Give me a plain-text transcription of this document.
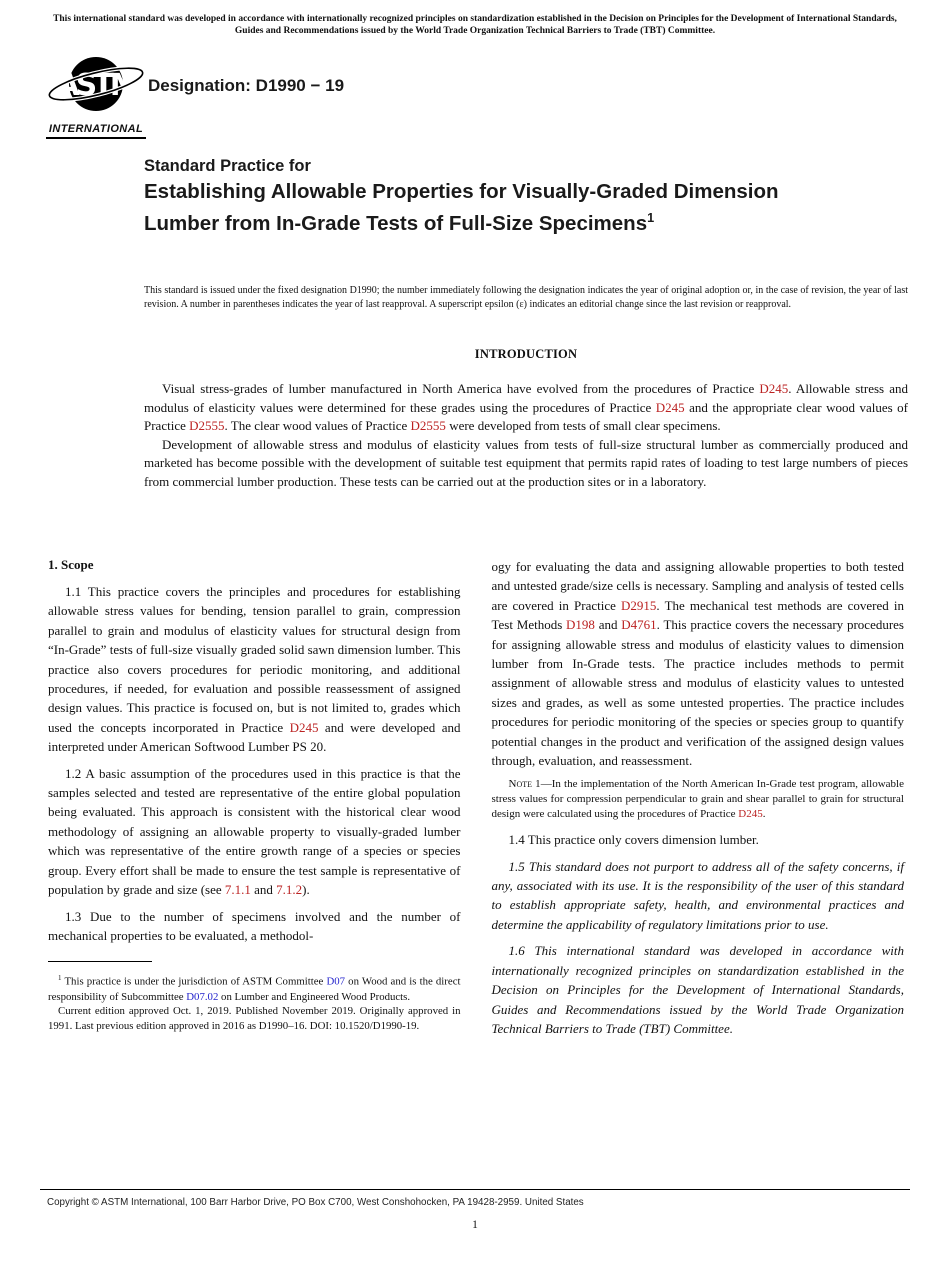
This international standard was developed in accordance with internationally recognized principles on standardization established in the Decision on Principles for the Development of International Standards, Guides and Recommendations issued by the World Trade Organization Technical Barriers to Trade (TBT) Committee.
ASTM
INTERNATIONAL
Designation: D1990 − 19
Standard Practice for
Establishing Allowable Properties for Visually-Graded Dimension Lumber from In-Grade Tests of Full-Size Specimens$^1$
This standard is issued under the fixed designation D1990; the number immediately following the designation indicates the year of original adoption or, in the case of revision, the year of last revision. A number in parentheses indicates the year of last reapproval. A superscript epsilon (ε) indicates an editorial change since the last revision or reapproval.
INTRODUCTION

Visual stress-grades of lumber manufactured in North America have evolved from the procedures of Practice D245. Allowable stress and modulus of elasticity values were determined for these grades using the procedures of Practice D245 and the appropriate clear wood values of Practice D2555. The clear wood values of Practice D2555 were developed from tests of small clear specimens.

Development of allowable stress and modulus of elasticity values from tests of full-size structural lumber as commercially produced and marketed has become possible with the development of suitable test equipment that permits rapid rates of loading to test large numbers of pieces from commercial lumber production. These tests can be carried out at the production sites or in a laboratory.

1. Scope

1.1 This practice covers the principles and procedures for establishing allowable stress values for bending, tension parallel to grain, compression parallel to grain and modulus of elasticity values for structural design from “In-Grade” tests of full-size visually graded solid sawn dimension lumber. This practice also covers procedures for periodic monitoring, and additional procedures, if needed, for evaluation and possible reassessment of assigned design values. This practice is focused on, but is not limited to, grades which used the concepts incorporated in Practice D245 and were developed and interpreted under American Softwood Lumber PS 20.

1.2 A basic assumption of the procedures used in this practice is that the samples selected and tested are representative of the entire global population being evaluated. This approach is consistent with the historical clear wood methodology of assigning an allowable property to visually-graded lumber which was representative of the entire growth range of a species or species group. Every effort shall be made to ensure the test sample is representative of population by grade and size (see 7.1.1 and 7.1.2).

1.3 Due to the number of specimens involved and the number of mechanical properties to be evaluated, a methodol-

$^1$ This practice is under the jurisdiction of ASTM Committee D07 on Wood and is the direct responsibility of Subcommittee D07.02 on Lumber and Engineered Wood Products.

Current edition approved Oct. 1, 2019. Published November 2019. Originally approved in 1991. Last previous edition approved in 2016 as D1990–16. DOI: 10.1520/D1990-19.

ogy for evaluating the data and assigning allowable properties to both tested and untested grade/size cells is necessary. Sampling and analysis of tested cells are covered in Practice D2915. The mechanical test methods are covered in Test Methods D198 and D4761. This practice covers the necessary procedures for assigning allowable stress and modulus of elasticity values to dimension lumber from In-Grade tests. The practice includes methods to permit assignment of allowable stress and modulus of elasticity values to untested sizes and grades, as well as some untested properties. The practice includes procedures for periodic monitoring of the species or species group to quantify potential changes in the product and verification of the assigned design values through, evaluation, and reassessment.

Note 1—In the implementation of the North American In-Grade test program, allowable stress values for compression perpendicular to grain and shear parallel to grain for structural design were calculated using the procedures of Practice D245.

1.4 This practice only covers dimension lumber.

1.5 This standard does not purport to address all of the safety concerns, if any, associated with its use. It is the responsibility of the user of this standard to establish appropriate safety, health, and environmental practices and determine the applicability of regulatory limitations prior to use.

1.6 This international standard was developed in accordance with internationally recognized principles on standardization established in the Decision on Principles for the Development of International Standards, Guides and Recommendations issued by the World Trade Organization Technical Barriers to Trade (TBT) Committee.

Copyright © ASTM International, 100 Barr Harbor Drive, PO Box C700, West Conshohocken, PA 19428-2959. United States
1
